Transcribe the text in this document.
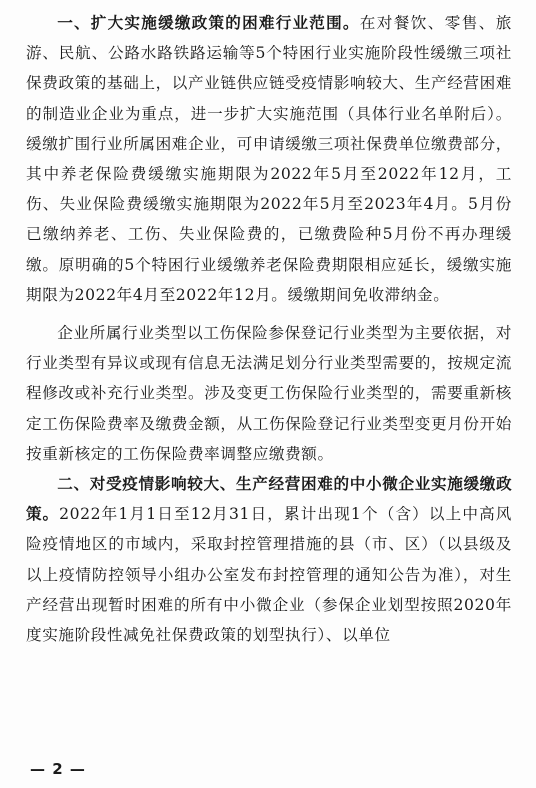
一、扩大实施缓缴政策的困难行业范围。在对餐饮、零售、旅游、民航、公路水路铁路运输等5个特困行业实施阶段性缓缴三项社保费政策的基础上，以产业链供应链受疫情影响较大、生产经营困难的制造业企业为重点，进一步扩大实施范围（具体行业名单附后）。缓缴扩围行业所属困难企业，可申请缓缴三项社保费单位缴费部分，其中养老保险费缓缴实施期限为2022年5月至2022年12月，工伤、失业保险费缓缴实施期限为2022年5月至2023年4月。5月份已缴纳养老、工伤、失业保险费的，已缴费险种5月份不再办理缓缴。原明确的5个特困行业缓缴养老保险费期限相应延长，缓缴实施期限为2022年4月至2022年12月。缓缴期间免收滞纳金。

企业所属行业类型以工伤保险参保登记行业类型为主要依据，对行业类型有异议或现有信息无法满足划分行业类型需要的，按规定流程修改或补充行业类型。涉及变更工伤保险行业类型的，需要重新核定工伤保险费率及缴费金额，从工伤保险登记行业类型变更月份开始按重新核定的工伤保险费率调整应缴费额。

二、对受疫情影响较大、生产经营困难的中小微企业实施缓缴政策。2022年1月1日至12月31日，累计出现1个（含）以上中高风险疫情地区的市域内，采取封控管理措施的县（市、区）（以县级及以上疫情防控领导小组办公室发布封控管理的通知公告为准），对生产经营出现暂时困难的所有中小微企业（参保企业划型按照2020年度实施阶段性减免社保费政策的划型执行）、以单位

— 2 —
